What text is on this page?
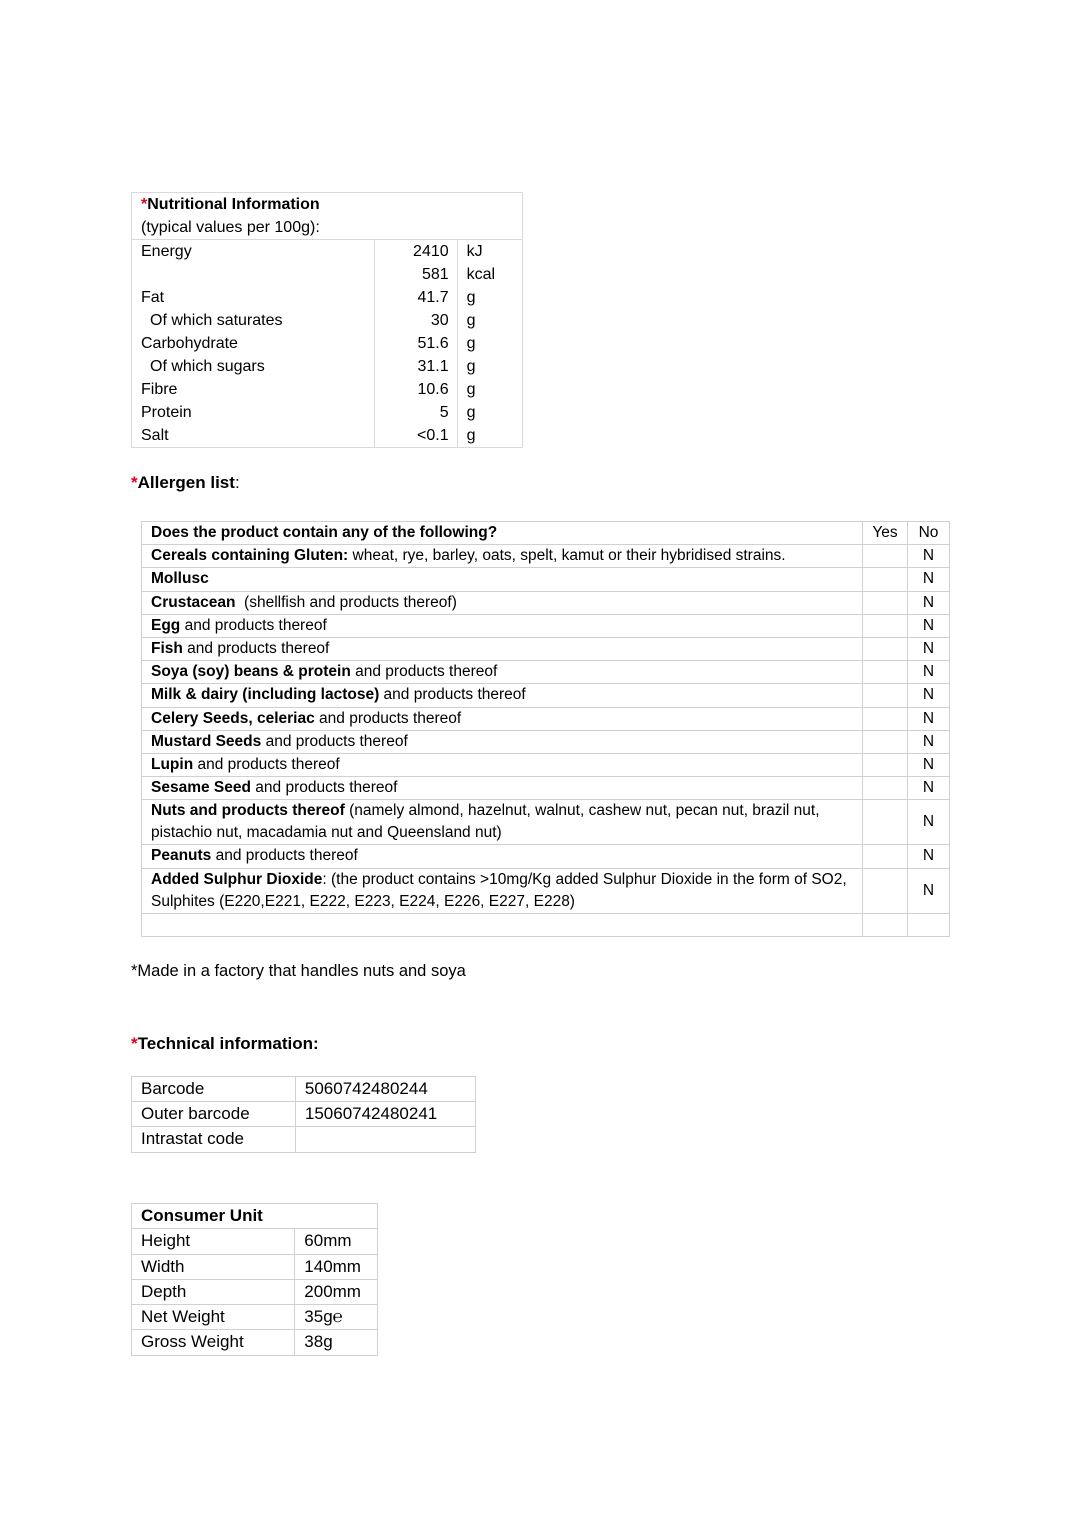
*Nutritional Information		
(typical values per 100g):		
Energy	2410	kJ
	581	kcal
Fat	41.7	g
Of which saturates	30	g
Carbohydrate	51.6	g
Of which sugars	31.1	g
Fibre	10.6	g
Protein	5	g
Salt	<0.1	g
*Allergen list:
Does the product contain any of the following?	Yes	No
Cereals containing Gluten: wheat, rye, barley, oats, spelt, kamut or their hybridised strains.		N
Mollusc		N
Crustacean  (shellfish and products thereof)		N
Egg and products thereof		N
Fish and products thereof		N
Soya (soy) beans & protein and products thereof		N
Milk & dairy (including lactose) and products thereof		N
Celery Seeds, celeriac and products thereof		N
Mustard Seeds and products thereof		N
Lupin and products thereof		N
Sesame Seed and products thereof		N
Nuts and products thereof (namely almond, hazelnut, walnut, cashew nut, pecan nut, brazil nut, pistachio nut, macadamia nut and Queensland nut)		N
Peanuts and products thereof		N
Added Sulphur Dioxide: (the product contains >10mg/Kg added Sulphur Dioxide in the form of SO2, Sulphites (E220,E221, E222, E223, E224, E226, E227, E228)		N

*Made in a factory that handles nuts and soya
*Technical information:
Barcode	5060742480244
Outer barcode	15060742480241
Intrastat code	
Consumer Unit	
Height	60mm
Width	140mm
Depth	200mm
Net Weight	35g℮
Gross Weight	38g
